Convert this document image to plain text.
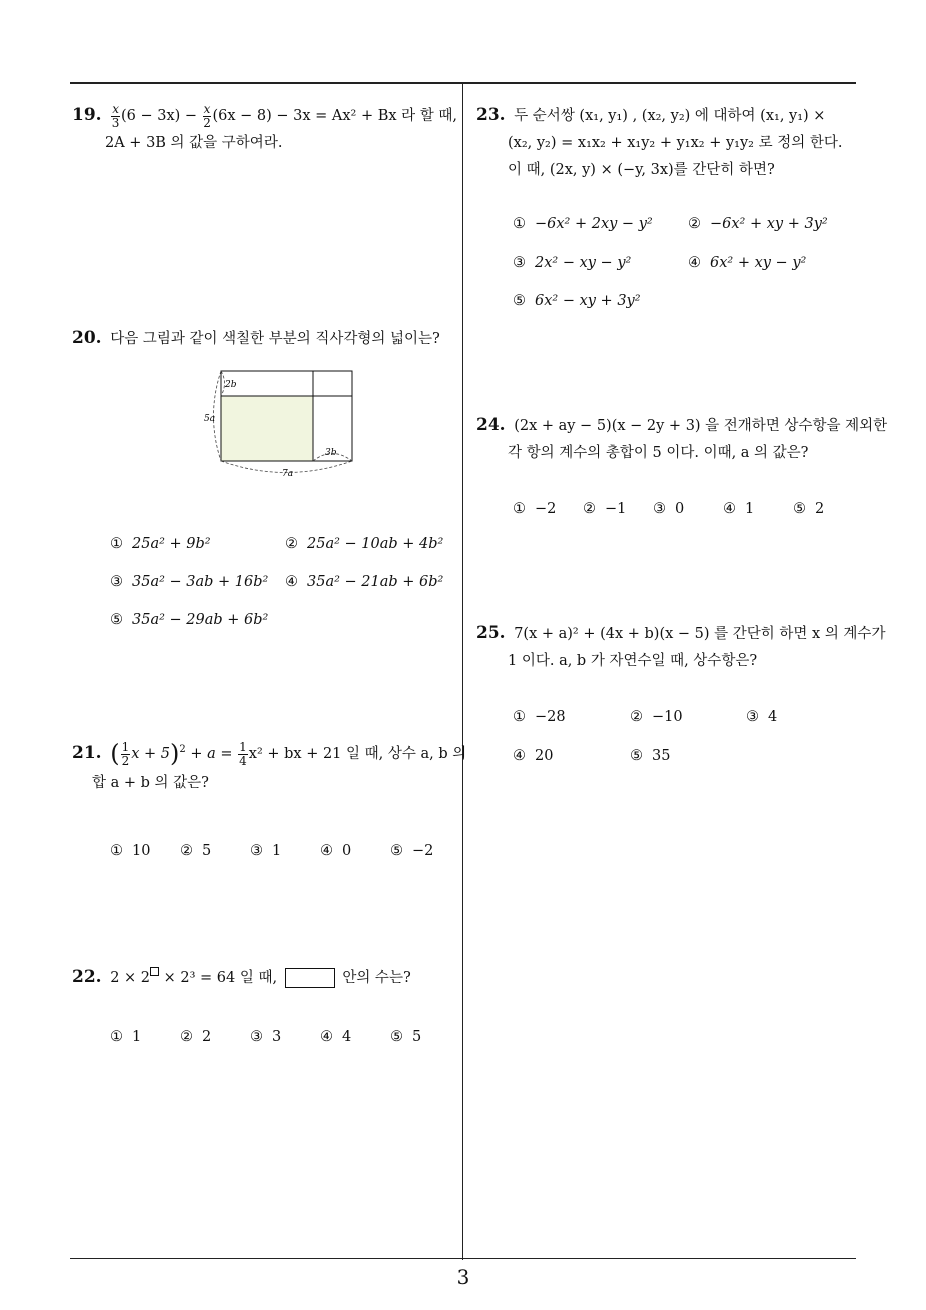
19. $\frac{x}{3} (6 - 3x) - \frac{x}{2} (6x - 8) - 3x = Ax^2 + Bx$ 라 할 때,
2A + 3B 의 값을 구하여라.
20. 다음 그림과 같이 색칠한 부분의 직사각형의 넓이는?
2b
5a
3b
7a
① 25a² + 9b²	② 25a² − 10ab + 4b²
③ 35a² − 3ab + 16b² ④ 35a² − 21ab + 6b²
⑤ 35a² − 29ab + 6b²
21. ( $\frac{1}{2}$ $x + 5)^2 + a = \frac{1}{4} x^2$ + bx + 21 일 때, 상수 a, b 의
합 a + b 의 값은?
① 10 ② 5	③ 1	④ 0	⑤ −2
22. 2 × 2 × 2³ = 64 일 때,	안의 수는?
① 1	② 2	③ 3	④ 4	⑤ 5
23. 두 순서쌍 (x₁, y₁) , (x₂, y₂) 에 대하여 (x₁, y₁) ×
(x₂, y₂) = x₁x₂ + x₁y₂ + y₁x₂ + y₁y₂ 로 정의 한다.
이 때, (2x, y) × (−y, 3x)를 간단히 하면?
① −6x² + 2xy − y² ② −6x² + xy + 3y²
③ 2x² − xy − y²	④ 6x² + xy − y²
⑤ 6x² − xy + 3y²
24. (2x + ay − 5)(x − 2y + 3) 을 전개하면 상수항을 제외한
각 항의 계수의 총합이 5 이다. 이때, a 의 값은?
① −2 ② −1 ③ 0	④ 1	⑤ 2
25. 7(x + a)² + (4x + b)(x − 5) 를 간단히 하면 x 의 계수가
1 이다. a, b 가 자연수일 때, 상수항은?
① −28	② −10	③ 4
④ 20	⑤ 35
3
